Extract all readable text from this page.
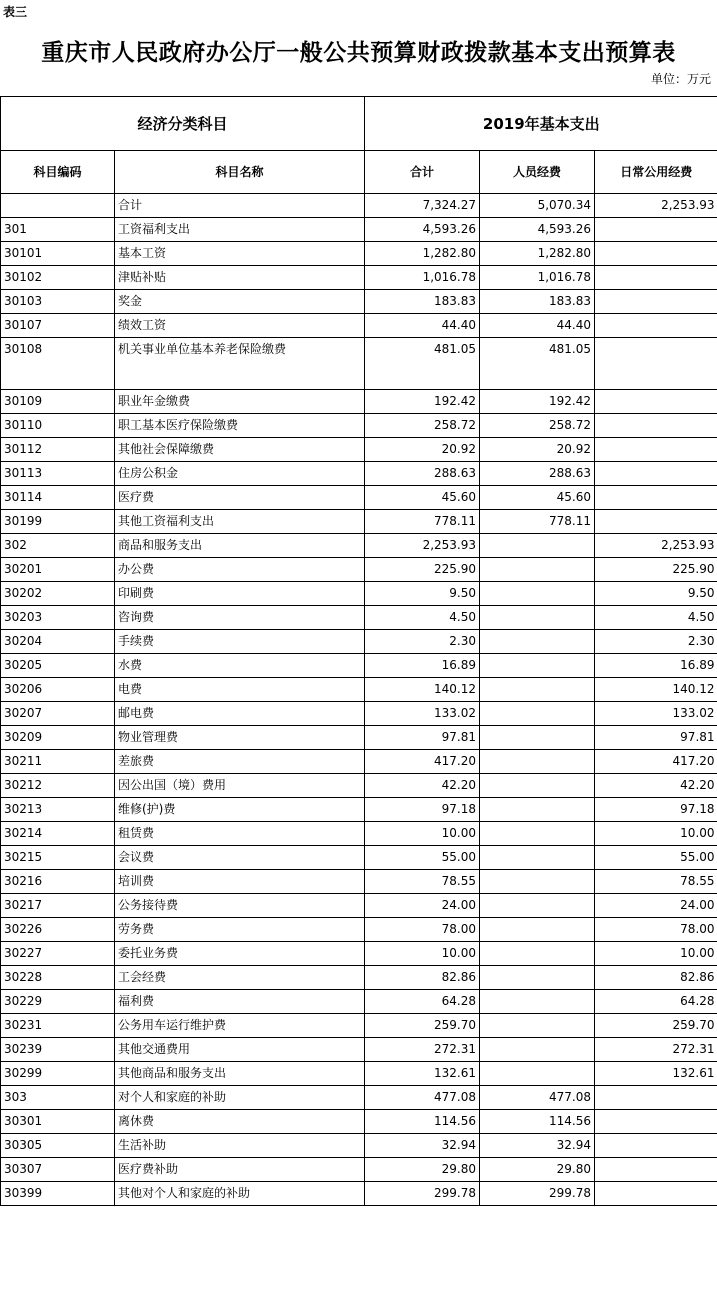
表三
重庆市人民政府办公厅一般公共预算财政拨款基本支出预算表
单位：万元
经济分类科目		2019年基本支出		
科目编码	科目名称	合计	人员经费	日常公用经费
	合计	7,324.27	5,070.34	2,253.93
301	工资福利支出	4,593.26	4,593.26	
30101	基本工资	1,282.80	1,282.80	
30102	津贴补贴	1,016.78	1,016.78	
30103	奖金	183.83	183.83	
30107	绩效工资	44.40	44.40	
30108	机关事业单位基本养老保险缴费	481.05	481.05	
30109	职业年金缴费	192.42	192.42	
30110	职工基本医疗保险缴费	258.72	258.72	
30112	其他社会保障缴费	20.92	20.92	
30113	住房公积金	288.63	288.63	
30114	医疗费	45.60	45.60	
30199	其他工资福利支出	778.11	778.11	
302	商品和服务支出	2,253.93		2,253.93
30201	办公费	225.90		225.90
30202	印刷费	9.50		9.50
30203	咨询费	4.50		4.50
30204	手续费	2.30		2.30
30205	水费	16.89		16.89
30206	电费	140.12		140.12
30207	邮电费	133.02		133.02
30209	物业管理费	97.81		97.81
30211	差旅费	417.20		417.20
30212	因公出国（境）费用	42.20		42.20
30213	维修(护)费	97.18		97.18
30214	租赁费	10.00		10.00
30215	会议费	55.00		55.00
30216	培训费	78.55		78.55
30217	公务接待费	24.00		24.00
30226	劳务费	78.00		78.00
30227	委托业务费	10.00		10.00
30228	工会经费	82.86		82.86
30229	福利费	64.28		64.28
30231	公务用车运行维护费	259.70		259.70
30239	其他交通费用	272.31		272.31
30299	其他商品和服务支出	132.61		132.61
303	对个人和家庭的补助	477.08	477.08	
30301	离休费	114.56	114.56	
30305	生活补助	32.94	32.94	
30307	医疗费补助	29.80	29.80	
30399	其他对个人和家庭的补助	299.78	299.78	
